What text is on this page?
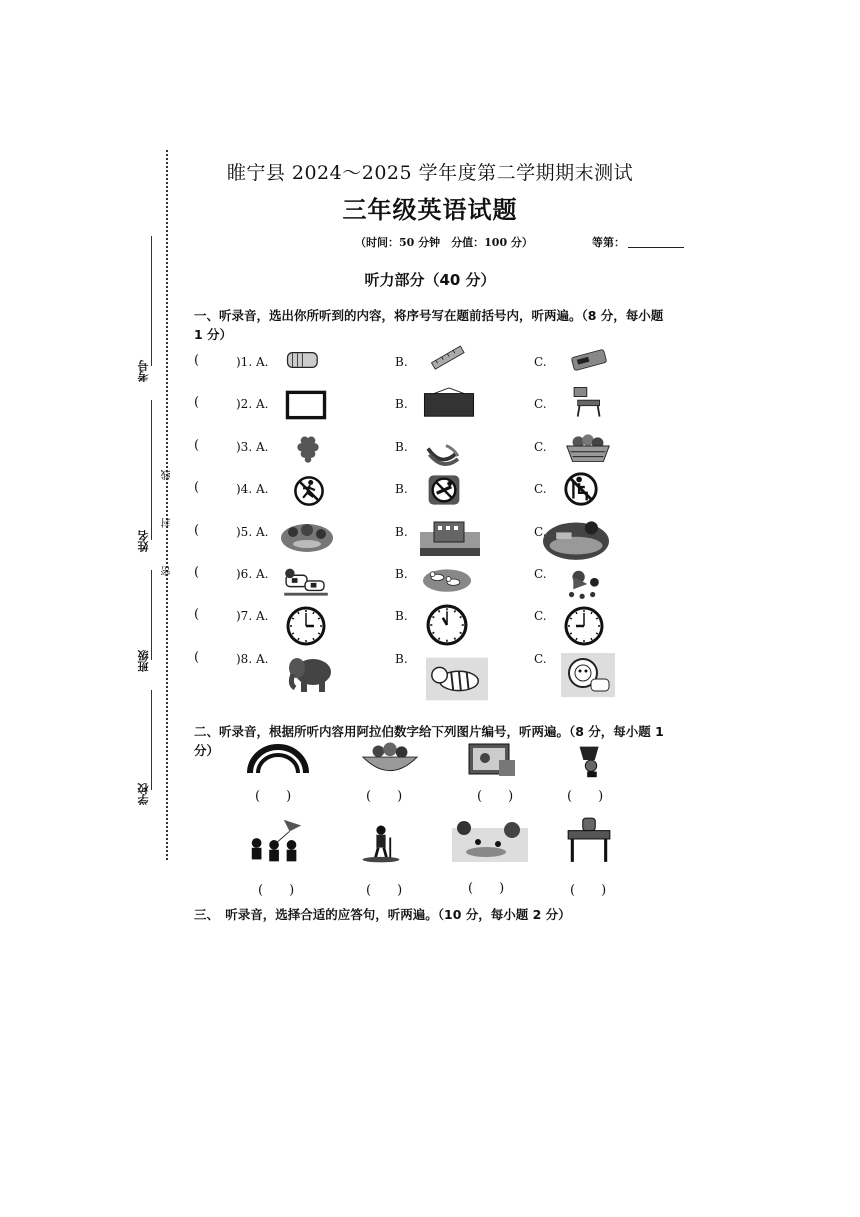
考号
姓名
班级
学校
线
封
密
睢宁县 2024～2025 学年度第二学期期末测试
三年级英语试题
（时间：50 分钟　分值：100 分）	等第：
听力部分（40 分）
一、听录音，选出你所听到的内容，将序号写在题前括号内，听两遍。（8 分，每小题
1 分）
(	)1. A.	B.	C.
(	)2. A.	B.	C.
(	)3. A.	B.	C.
(	)4. A.	B.	C.
(	)5. A.	B.	C.
(	)6. A.	B.	C.
(	)7. A.	B.	C.
(	)8. A.	B.	C.
二、听录音，根据所听内容用阿拉伯数字给下列图片编号，听两遍。（8 分，每小题 1
分）
(　　)	(　　)	(　　)	(　　)
(　　)	(　　)	(　　)	(　　)
三、　听录音，选择合适的应答句，听两遍。（10 分，每小题 2 分）
